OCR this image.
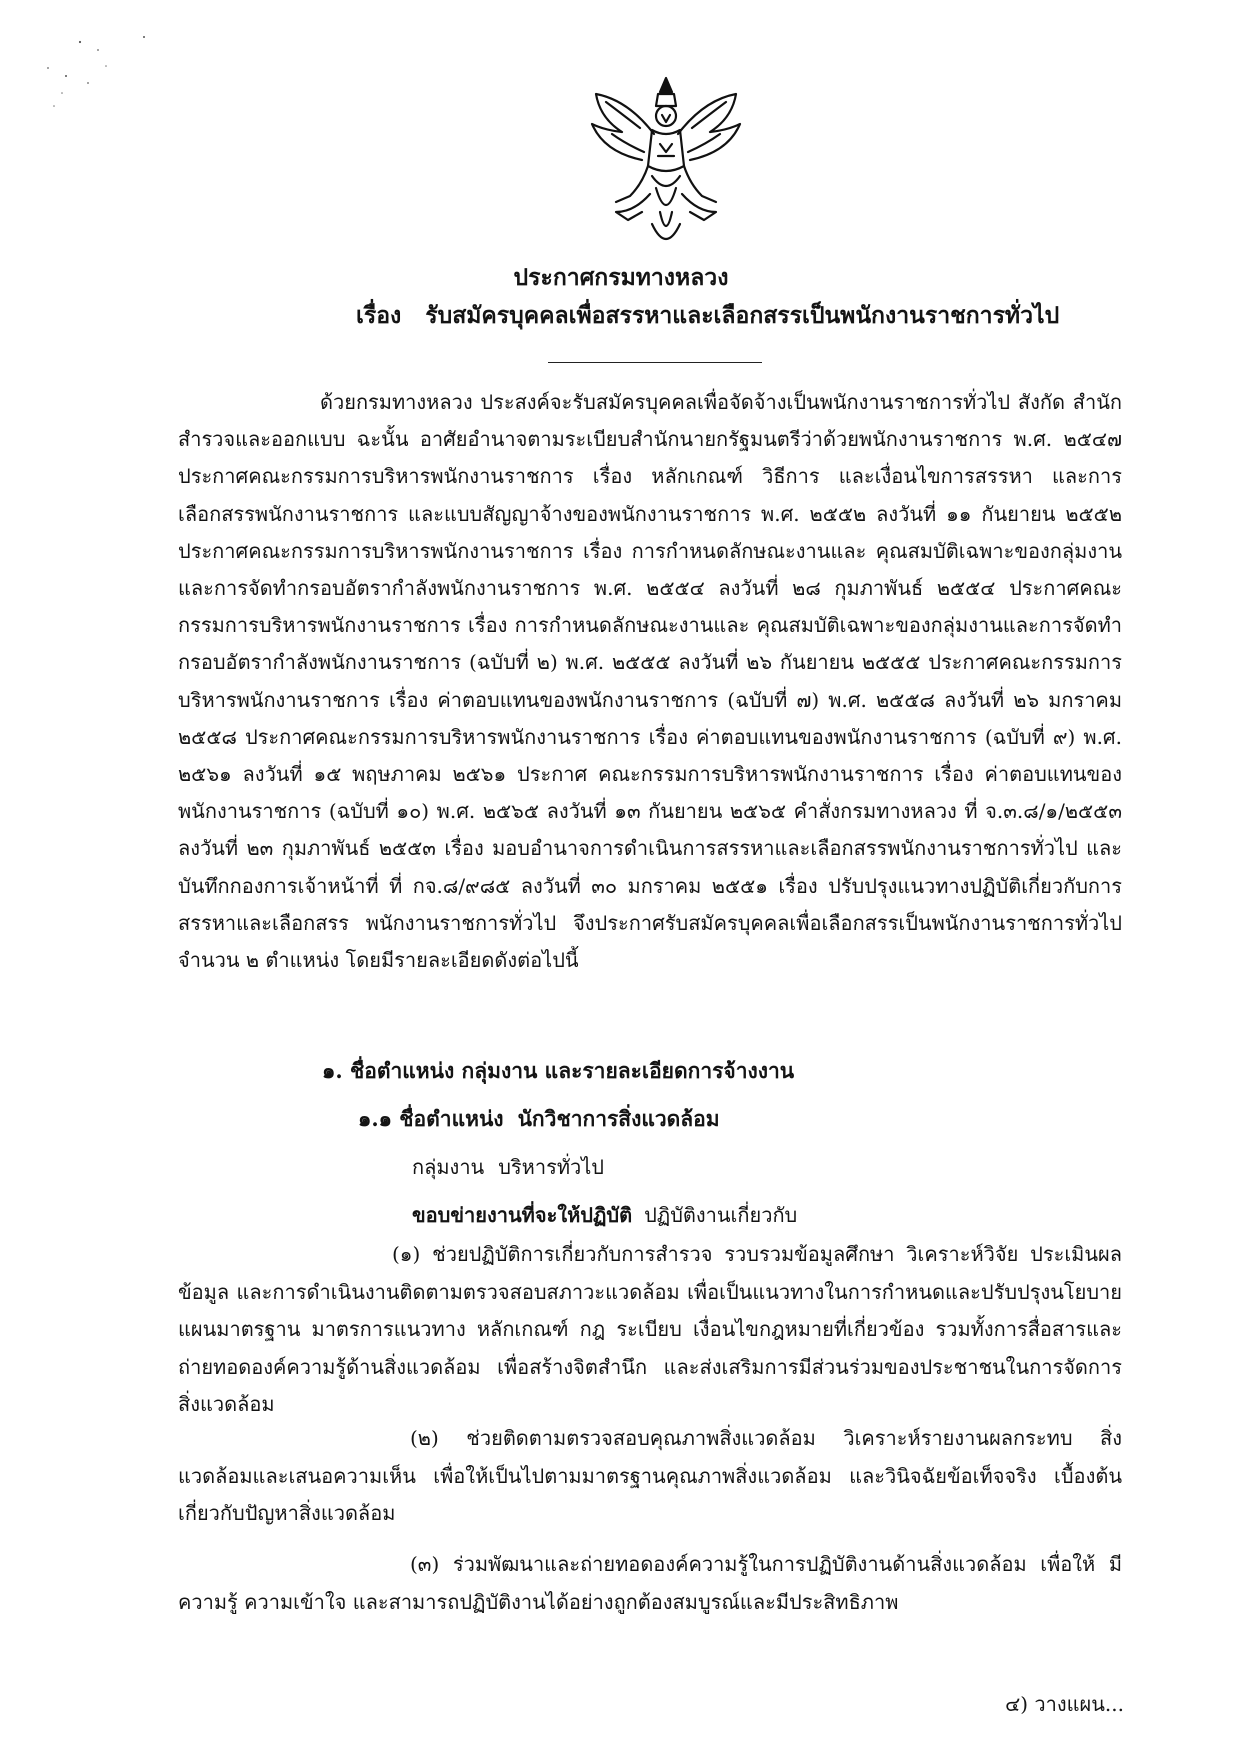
ประกาศกรมทางหลวง
เรื่อง รับสมัครบุคคลเพื่อสรรหาและเลือกสรรเป็นพนักงานราชการทั่วไป

ด้วยกรมทางหลวง ประสงค์จะรับสมัครบุคคลเพื่อจัดจ้างเป็นพนักงานราชการทั่วไป สังกัด สำนักสำรวจและออกแบบ ฉะนั้น อาศัยอำนาจตามระเบียบสำนักนายกรัฐมนตรีว่าด้วยพนักงานราชการ พ.ศ. ๒๕๔๗ ประกาศคณะกรรมการบริหารพนักงานราชการ เรื่อง หลักเกณฑ์ วิธีการ และเงื่อนไขการสรรหา และการเลือกสรรพนักงานราชการ และแบบสัญญาจ้างของพนักงานราชการ พ.ศ. ๒๕๕๒ ลงวันที่ ๑๑ กันยายน ๒๕๕๒ ประกาศคณะกรรมการบริหารพนักงานราชการ เรื่อง การกำหนดลักษณะงานและ คุณสมบัติเฉพาะของกลุ่มงานและการจัดทำกรอบอัตรากำลังพนักงานราชการ พ.ศ. ๒๕๕๔ ลงวันที่ ๒๘ กุมภาพันธ์ ๒๕๕๔ ประกาศคณะกรรมการบริหารพนักงานราชการ เรื่อง การกำหนดลักษณะงานและ คุณสมบัติเฉพาะของกลุ่มงานและการจัดทำกรอบอัตรากำลังพนักงานราชการ (ฉบับที่ ๒) พ.ศ. ๒๕๕๕ ลงวันที่ ๒๖ กันยายน ๒๕๕๕ ประกาศคณะกรรมการบริหารพนักงานราชการ เรื่อง ค่าตอบแทนของพนักงานราชการ (ฉบับที่ ๗) พ.ศ. ๒๕๕๘ ลงวันที่ ๒๖ มกราคม ๒๕๕๘ ประกาศคณะกรรมการบริหารพนักงานราชการ เรื่อง ค่าตอบแทนของพนักงานราชการ (ฉบับที่ ๙) พ.ศ. ๒๕๖๑ ลงวันที่ ๑๕ พฤษภาคม ๒๕๖๑ ประกาศ คณะกรรมการบริหารพนักงานราชการ เรื่อง ค่าตอบแทนของพนักงานราชการ (ฉบับที่ ๑๐) พ.ศ. ๒๕๖๕ ลงวันที่ ๑๓ กันยายน ๒๕๖๕ คำสั่งกรมทางหลวง ที่ จ.๓.๘/๑/๒๕๕๓ ลงวันที่ ๒๓ กุมภาพันธ์ ๒๕๕๓ เรื่อง มอบอำนาจการดำเนินการสรรหาและเลือกสรรพนักงานราชการทั่วไป และบันทึกกองการเจ้าหน้าที่ ที่ กจ.๘/๙๘๕ ลงวันที่ ๓๐ มกราคม ๒๕๕๑ เรื่อง ปรับปรุงแนวทางปฏิบัติเกี่ยวกับการสรรหาและเลือกสรร พนักงานราชการทั่วไป จึงประกาศรับสมัครบุคคลเพื่อเลือกสรรเป็นพนักงานราชการทั่วไป จำนวน ๒ ตำแหน่ง โดยมีรายละเอียดดังต่อไปนี้

๑. ชื่อตำแหน่ง กลุ่มงาน และรายละเอียดการจ้างงาน
๑.๑ ชื่อตำแหน่ง นักวิชาการสิ่งแวดล้อม
กลุ่มงาน บริหารทั่วไป
ขอบข่ายงานที่จะให้ปฏิบัติ ปฏิบัติงานเกี่ยวกับ

(๑) ช่วยปฏิบัติการเกี่ยวกับการสำรวจ รวบรวมข้อมูลศึกษา วิเคราะห์วิจัย ประเมินผล ข้อมูล และการดำเนินงานติดตามตรวจสอบสภาวะแวดล้อม เพื่อเป็นแนวทางในการกำหนดและปรับปรุงนโยบาย แผนมาตรฐาน มาตรการแนวทาง หลักเกณฑ์ กฎ ระเบียบ เงื่อนไขกฎหมายที่เกี่ยวข้อง รวมทั้งการสื่อสารและ ถ่ายทอดองค์ความรู้ด้านสิ่งแวดล้อม เพื่อสร้างจิตสำนึก และส่งเสริมการมีส่วนร่วมของประชาชนในการจัดการ สิ่งแวดล้อม

(๒) ช่วยติดตามตรวจสอบคุณภาพสิ่งแวดล้อม วิเคราะห์รายงานผลกระทบ สิ่งแวดล้อมและเสนอความเห็น เพื่อให้เป็นไปตามมาตรฐานคุณภาพสิ่งแวดล้อม และวินิจฉัยข้อเท็จจริง เบื้องต้นเกี่ยวกับปัญหาสิ่งแวดล้อม

(๓) ร่วมพัฒนาและถ่ายทอดองค์ความรู้ในการปฏิบัติงานด้านสิ่งแวดล้อม เพื่อให้ มีความรู้ ความเข้าใจ และสามารถปฏิบัติงานได้อย่างถูกต้องสมบูรณ์และมีประสิทธิภาพ

๔) วางแผน...
